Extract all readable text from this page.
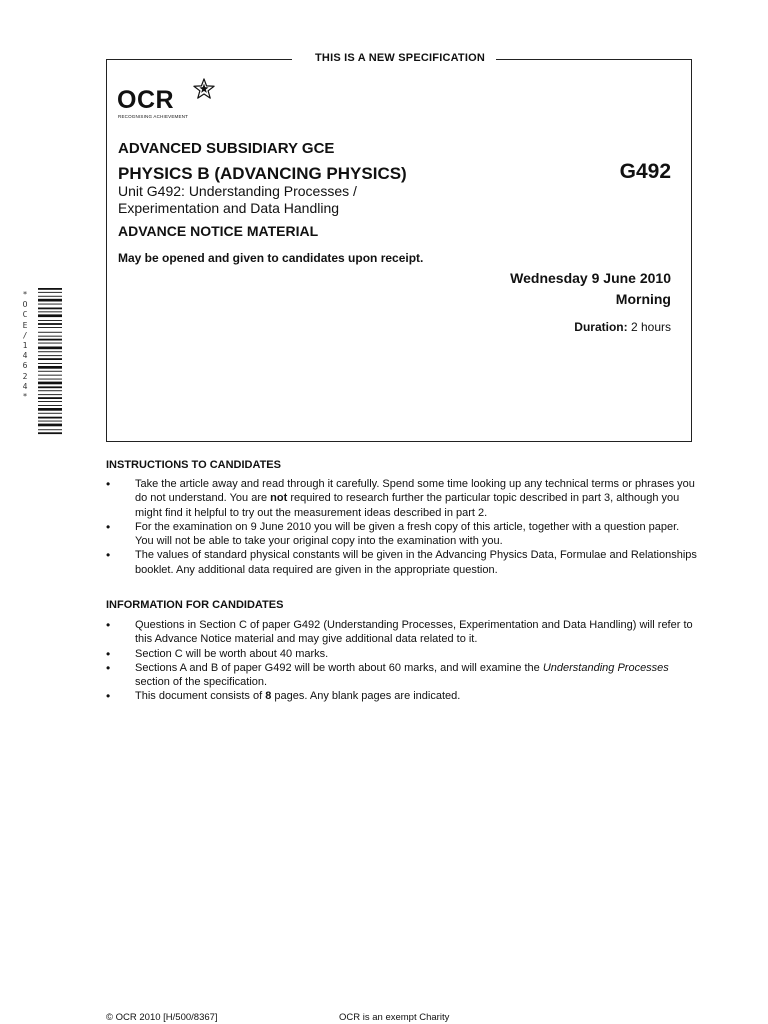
THIS IS A NEW SPECIFICATION
OCR
RECOGNISING ACHIEVEMENT
ADVANCED SUBSIDIARY GCE
PHYSICS B (ADVANCING PHYSICS)	G492
Unit G492: Understanding Processes /
Experimentation and Data Handling
ADVANCE NOTICE MATERIAL
May be opened and given to candidates upon receipt.
Wednesday 9 June 2010
Morning
Duration: 2 hours
*
O
C
E
/
1
4
6
2
4
*
INSTRUCTIONS TO CANDIDATES
• Take the article away and read through it carefully. Spend some time looking up any technical terms or phrases you do not understand. You are not required to research further the particular topic described in part 3, although you might find it helpful to try out the measurement ideas described in part 2.
• For the examination on 9 June 2010 you will be given a fresh copy of this article, together with a question paper. You will not be able to take your original copy into the examination with you.
• The values of standard physical constants will be given in the Advancing Physics Data, Formulae and Relationships booklet. Any additional data required are given in the appropriate question.
INFORMATION FOR CANDIDATES
• Questions in Section C of paper G492 (Understanding Processes, Experimentation and Data Handling) will refer to this Advance Notice material and may give additional data related to it.
• Section C will be worth about 40 marks.
• Sections A and B of paper G492 will be worth about 60 marks, and will examine the Understanding Processes section of the specification.
• This document consists of 8 pages. Any blank pages are indicated.
© OCR 2010 [H/500/8367]	OCR is an exempt Charity
